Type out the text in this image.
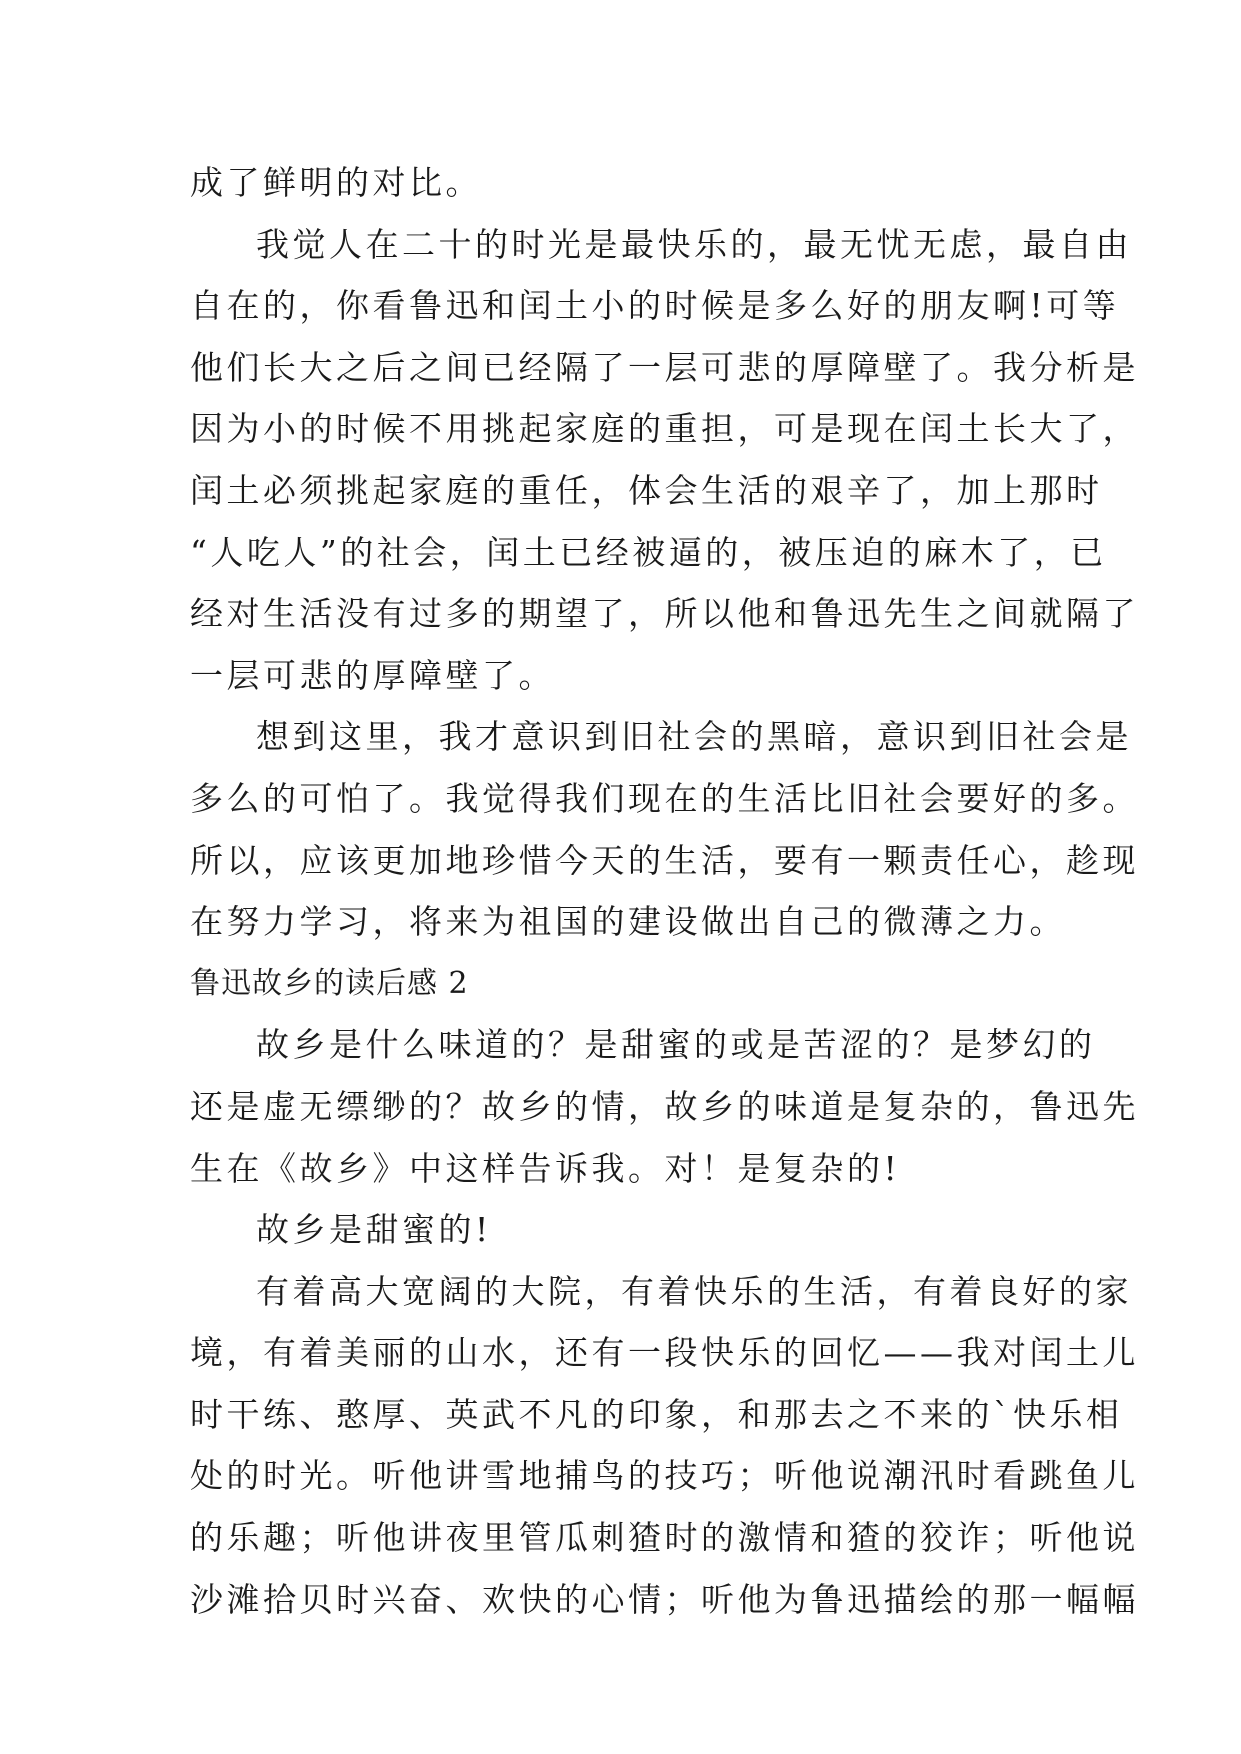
成了鲜明的对比。
我觉人在二十的时光是最快乐的，最无忧无虑，最自由
自在的，你看鲁迅和闰土小的时候是多么好的朋友啊!可等
他们长大之后之间已经隔了一层可悲的厚障壁了。我分析是
因为小的时候不用挑起家庭的重担，可是现在闰土长大了，
闰土必须挑起家庭的重任，体会生活的艰辛了，加上那时
“人吃人”的社会，闰土已经被逼的，被压迫的麻木了，已
经对生活没有过多的期望了，所以他和鲁迅先生之间就隔了
一层可悲的厚障壁了。
想到这里，我才意识到旧社会的黑暗，意识到旧社会是
多么的可怕了。我觉得我们现在的生活比旧社会要好的多。
所以，应该更加地珍惜今天的生活，要有一颗责任心，趁现
在努力学习，将来为祖国的建设做出自己的微薄之力。
鲁迅故乡的读后感 2
故乡是什么味道的？是甜蜜的或是苦涩的？是梦幻的
还是虚无缥缈的？故乡的情，故乡的味道是复杂的，鲁迅先
生在《故乡》中这样告诉我。对！是复杂的!
故乡是甜蜜的!
有着高大宽阔的大院，有着快乐的生活，有着良好的家
境，有着美丽的山水，还有一段快乐的回忆——我对闰土儿
时干练、憨厚、英武不凡的印象，和那去之不来的`快乐相
处的时光。听他讲雪地捕鸟的技巧；听他说潮汛时看跳鱼儿
的乐趣；听他讲夜里管瓜刺猹时的激情和猹的狡诈；听他说
沙滩拾贝时兴奋、欢快的心情；听他为鲁迅描绘的那一幅幅
